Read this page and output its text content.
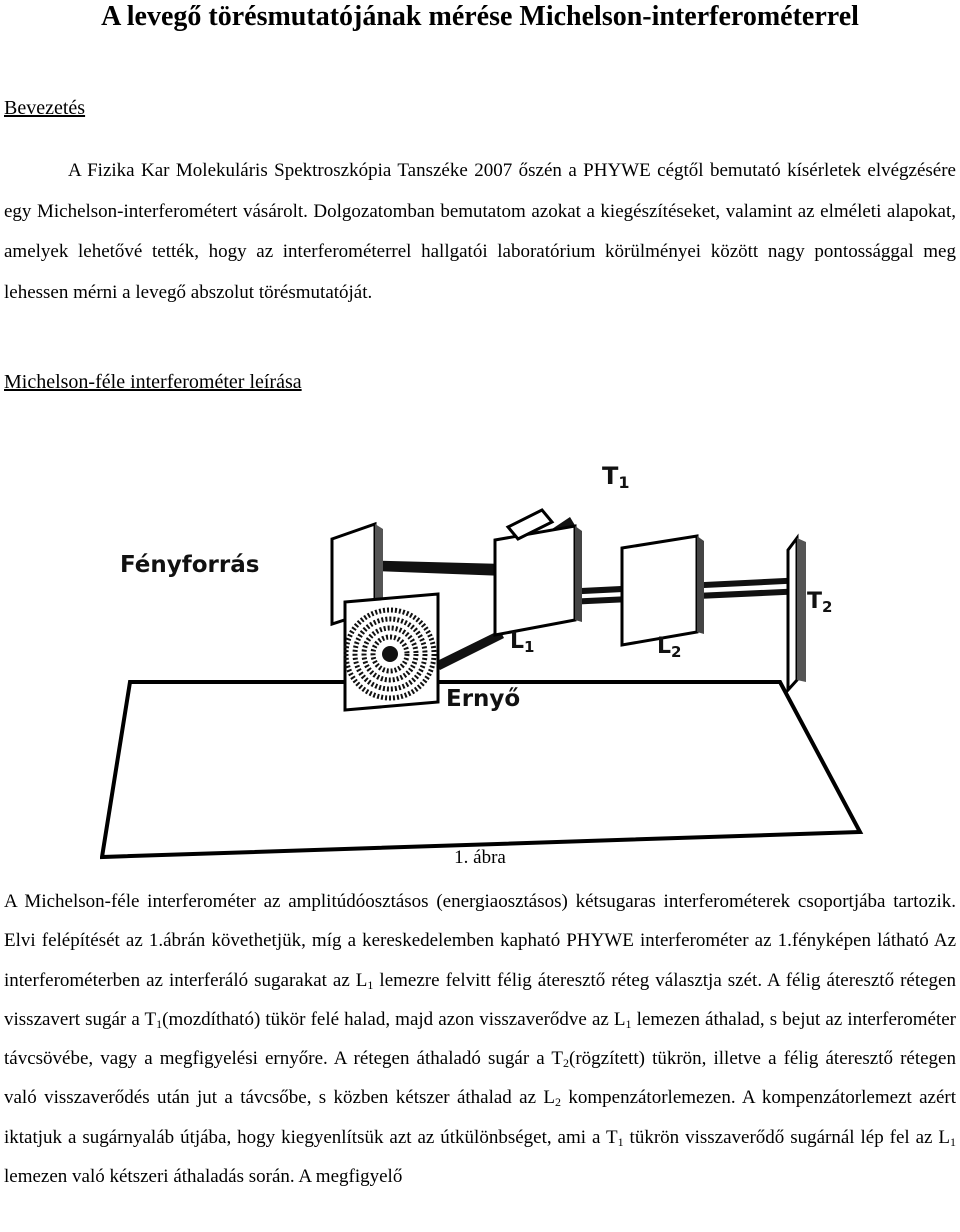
A levegő törésmutatójának mérése Michelson-interferométerrel
Bevezetés

A Fizika Kar Molekuláris Spektroszkópia Tanszéke 2007 őszén a PHYWE cégtől bemutató kísérletek elvégzésére egy Michelson-interferométert vásárolt. Dolgozatomban bemutatom azokat a kiegészítéseket, valamint az elméleti alapokat, amelyek lehetővé tették, hogy az interferométerrel hallgatói laboratórium körülményei között nagy pontossággal meg lehessen mérni a levegő abszolut törésmutatóját.

Michelson-féle interferométer leírása
Fényforrás
T1
T2
L1	L2
Ernyő

1. ábra

A Michelson-féle interferométer az amplitúdóosztásos (energiaosztásos) kétsugaras interferométerek csoportjába tartozik. Elvi felépítését az 1.ábrán követhetjük, míg a kereskedelemben kapható PHYWE interferométer az 1.fényképen látható Az interferométerben az interferáló sugarakat az $L_1$ lemezre felvitt félig áteresztő réteg választja szét. A félig áteresztő rétegen visszavert sugár a $T_1(mozdítható)$ tükör felé halad, majd azon visszaverődve az $L_1$ lemezen áthalad, s bejut az interferométer távcsövébe, vagy a megfigyelési ernyőre. A rétegen áthaladó sugár a $T_2(rögzített)$ tükrön, illetve a félig áteresztő rétegen való visszaverődés után jut a távcsőbe, s közben kétszer áthalad az $L_2$ kompenzátorlemezen. A kompenzátorlemezt azért iktatjuk a sugárnyaláb útjába, hogy kiegyenlítsük azt az útkülönbséget, ami a $T_1$ tükrön visszaverődő sugárnál lép fel az $L_1$ lemezen való kétszeri áthaladás során. A megfigyelő
